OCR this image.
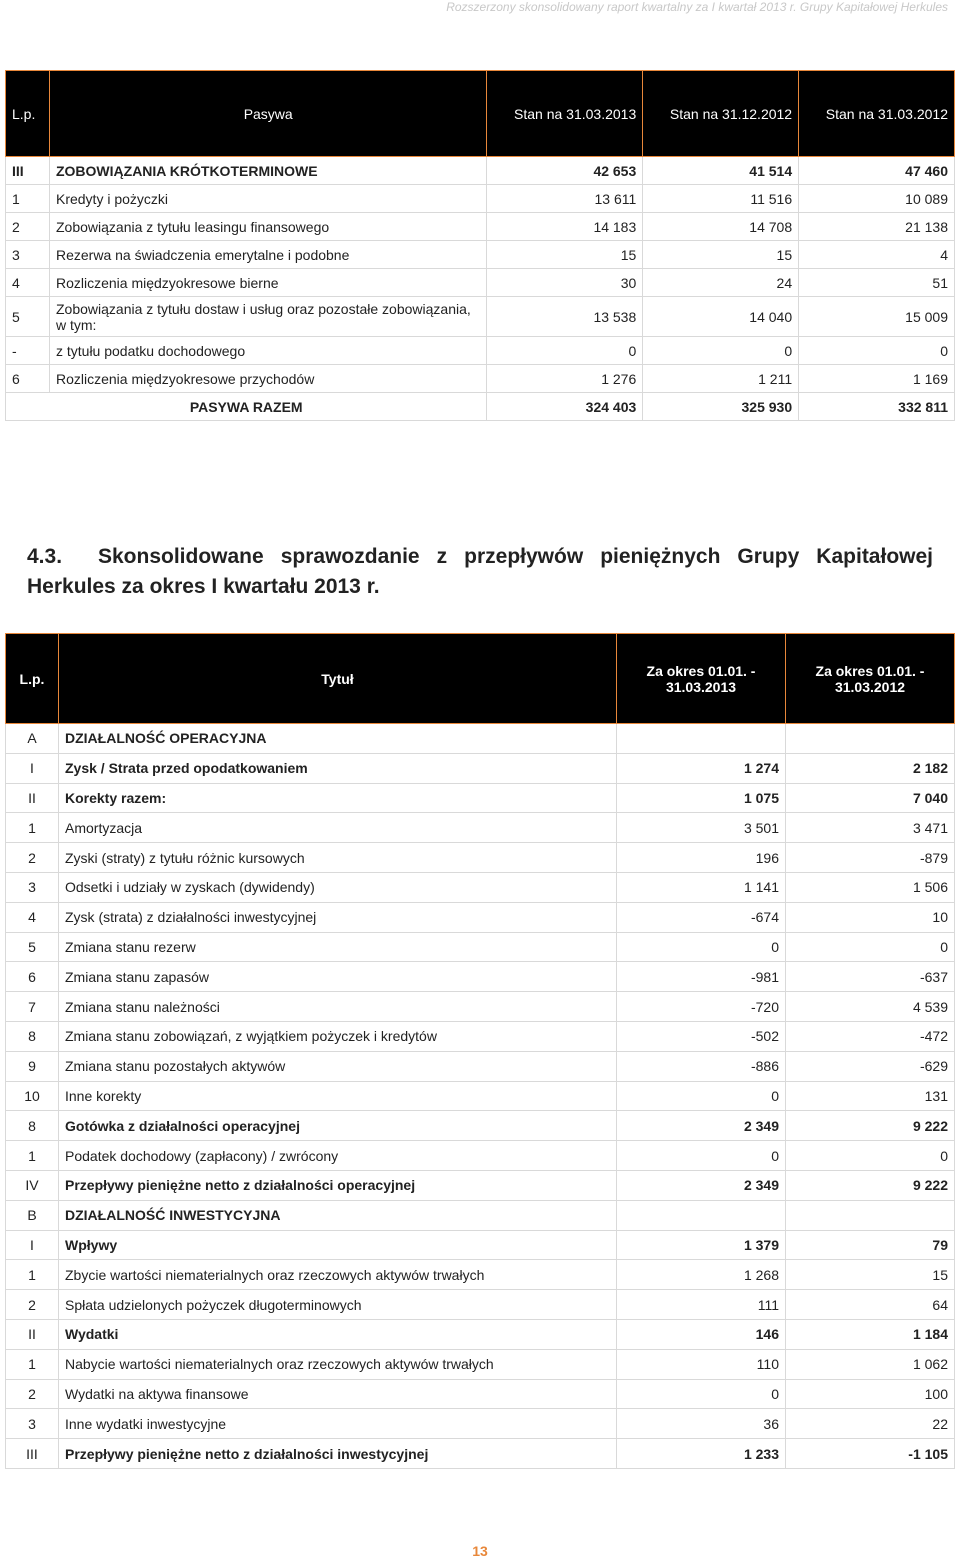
Rozszerzony skonsolidowany raport kwartalny za I kwartał 2013 r. Grupy Kapitałowej Herkules
L.p.	Pasywa	Stan na 31.03.2013	Stan na 31.12.2012	Stan na 31.03.2012
III	ZOBOWIĄZANIA KRÓTKOTERMINOWE	42 653	41 514	47 460
1	Kredyty i pożyczki	13 611	11 516	10 089
2	Zobowiązania z tytułu leasingu finansowego	14 183	14 708	21 138
3	Rezerwa na świadczenia emerytalne i podobne	15	15	4
4	Rozliczenia międzyokresowe bierne	30	24	51
5	Zobowiązania z tytułu dostaw i usług oraz pozostałe zobowiązania, w tym:	13 538	14 040	15 009
-	z tytułu podatku dochodowego	0	0	0
6	Rozliczenia międzyokresowe przychodów	1 276	1 211	1 169
PASYWA RAZEM		324 403	325 930	332 811
4.3. Skonsolidowane sprawozdanie z przepływów pieniężnych Grupy Kapitałowej Herkules za okres I kwartału 2013 r.
L.p.	Tytuł	Za okres 01.01. - 31.03.2013	Za okres 01.01. - 31.03.2012
A	DZIAŁALNOŚĆ OPERACYJNA		
I	Zysk / Strata przed opodatkowaniem	1 274	2 182
II	Korekty razem:	1 075	7 040
1	Amortyzacja	3 501	3 471
2	Zyski (straty) z tytułu różnic kursowych	196	-879
3	Odsetki i udziały w zyskach (dywidendy)	1 141	1 506
4	Zysk (strata) z działalności inwestycyjnej	-674	10
5	Zmiana stanu rezerw	0	0
6	Zmiana stanu zapasów	-981	-637
7	Zmiana stanu należności	-720	4 539
8	Zmiana stanu zobowiązań, z wyjątkiem pożyczek i kredytów	-502	-472
9	Zmiana stanu pozostałych aktywów	-886	-629
10	Inne korekty	0	131
8	Gotówka z działalności operacyjnej	2 349	9 222
1	Podatek dochodowy (zapłacony) / zwrócony	0	0
IV	Przepływy pieniężne netto z działalności operacyjnej	2 349	9 222
B	DZIAŁALNOŚĆ INWESTYCYJNA		
I	Wpływy	1 379	79
1	Zbycie wartości niematerialnych oraz rzeczowych aktywów trwałych	1 268	15
2	Spłata udzielonych pożyczek długoterminowych	111	64
II	Wydatki	146	1 184
1	Nabycie wartości niematerialnych oraz rzeczowych aktywów trwałych	110	1 062
2	Wydatki na aktywa finansowe	0	100
3	Inne wydatki inwestycyjne	36	22
III	Przepływy pieniężne netto z działalności inwestycyjnej	1 233	-1 105
13
